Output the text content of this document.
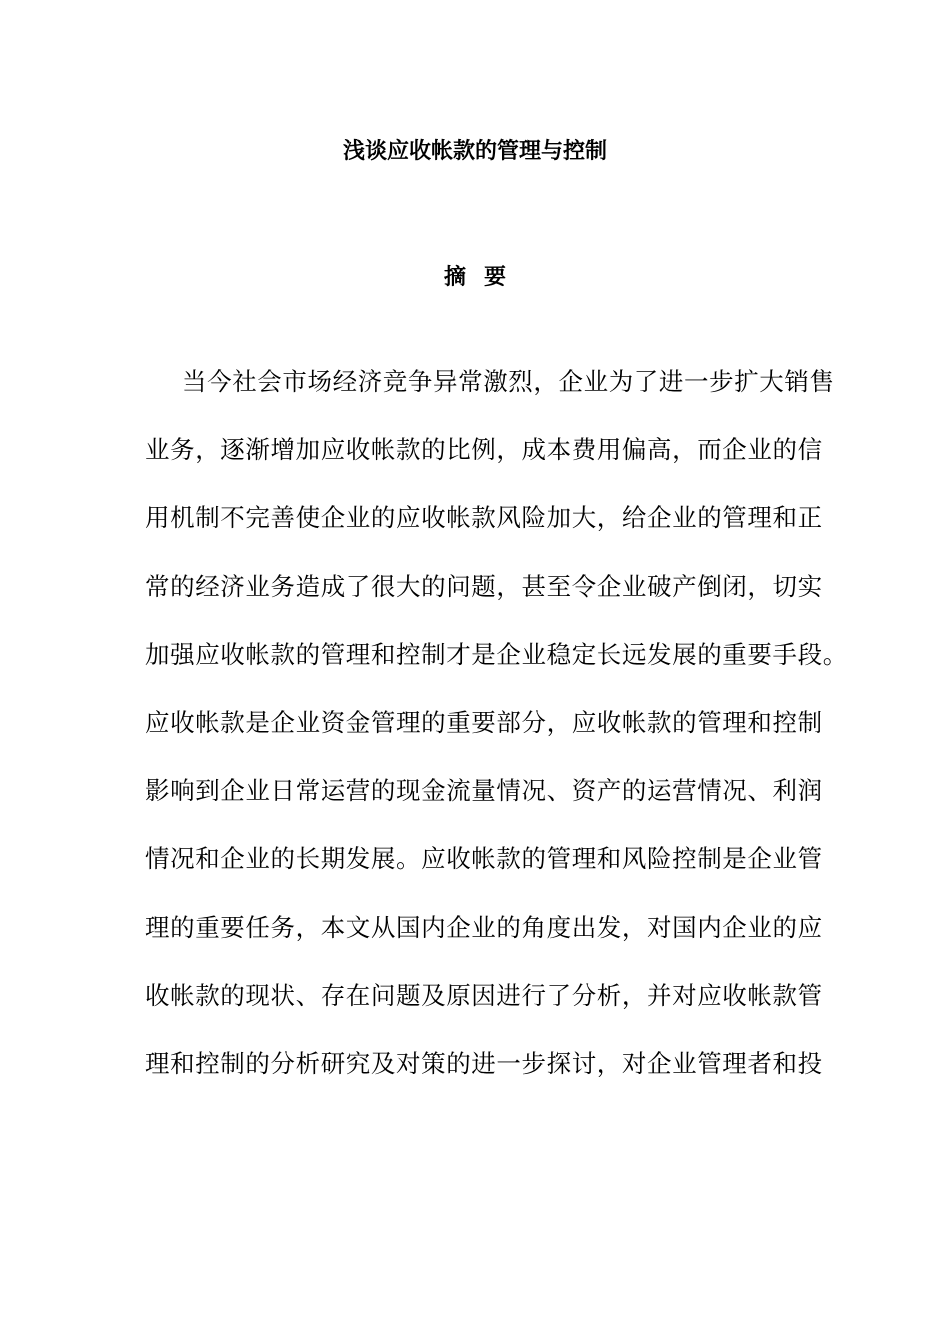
浅谈应收帐款的管理与控制
摘 要
当今社会市场经济竞争异常激烈，企业为了进一步扩大销售
业务，逐渐增加应收帐款的比例，成本费用偏高，而企业的信
用机制不完善使企业的应收帐款风险加大，给企业的管理和正
常的经济业务造成了很大的问题，甚至令企业破产倒闭，切实
加强应收帐款的管理和控制才是企业稳定长远发展的重要手段。
应收帐款是企业资金管理的重要部分，应收帐款的管理和控制
影响到企业日常运营的现金流量情况、资产的运营情况、利润
情况和企业的长期发展。应收帐款的管理和风险控制是企业管
理的重要任务，本文从国内企业的角度出发，对国内企业的应
收帐款的现状、存在问题及原因进行了分析，并对应收帐款管
理和控制的分析研究及对策的进一步探讨，对企业管理者和投
